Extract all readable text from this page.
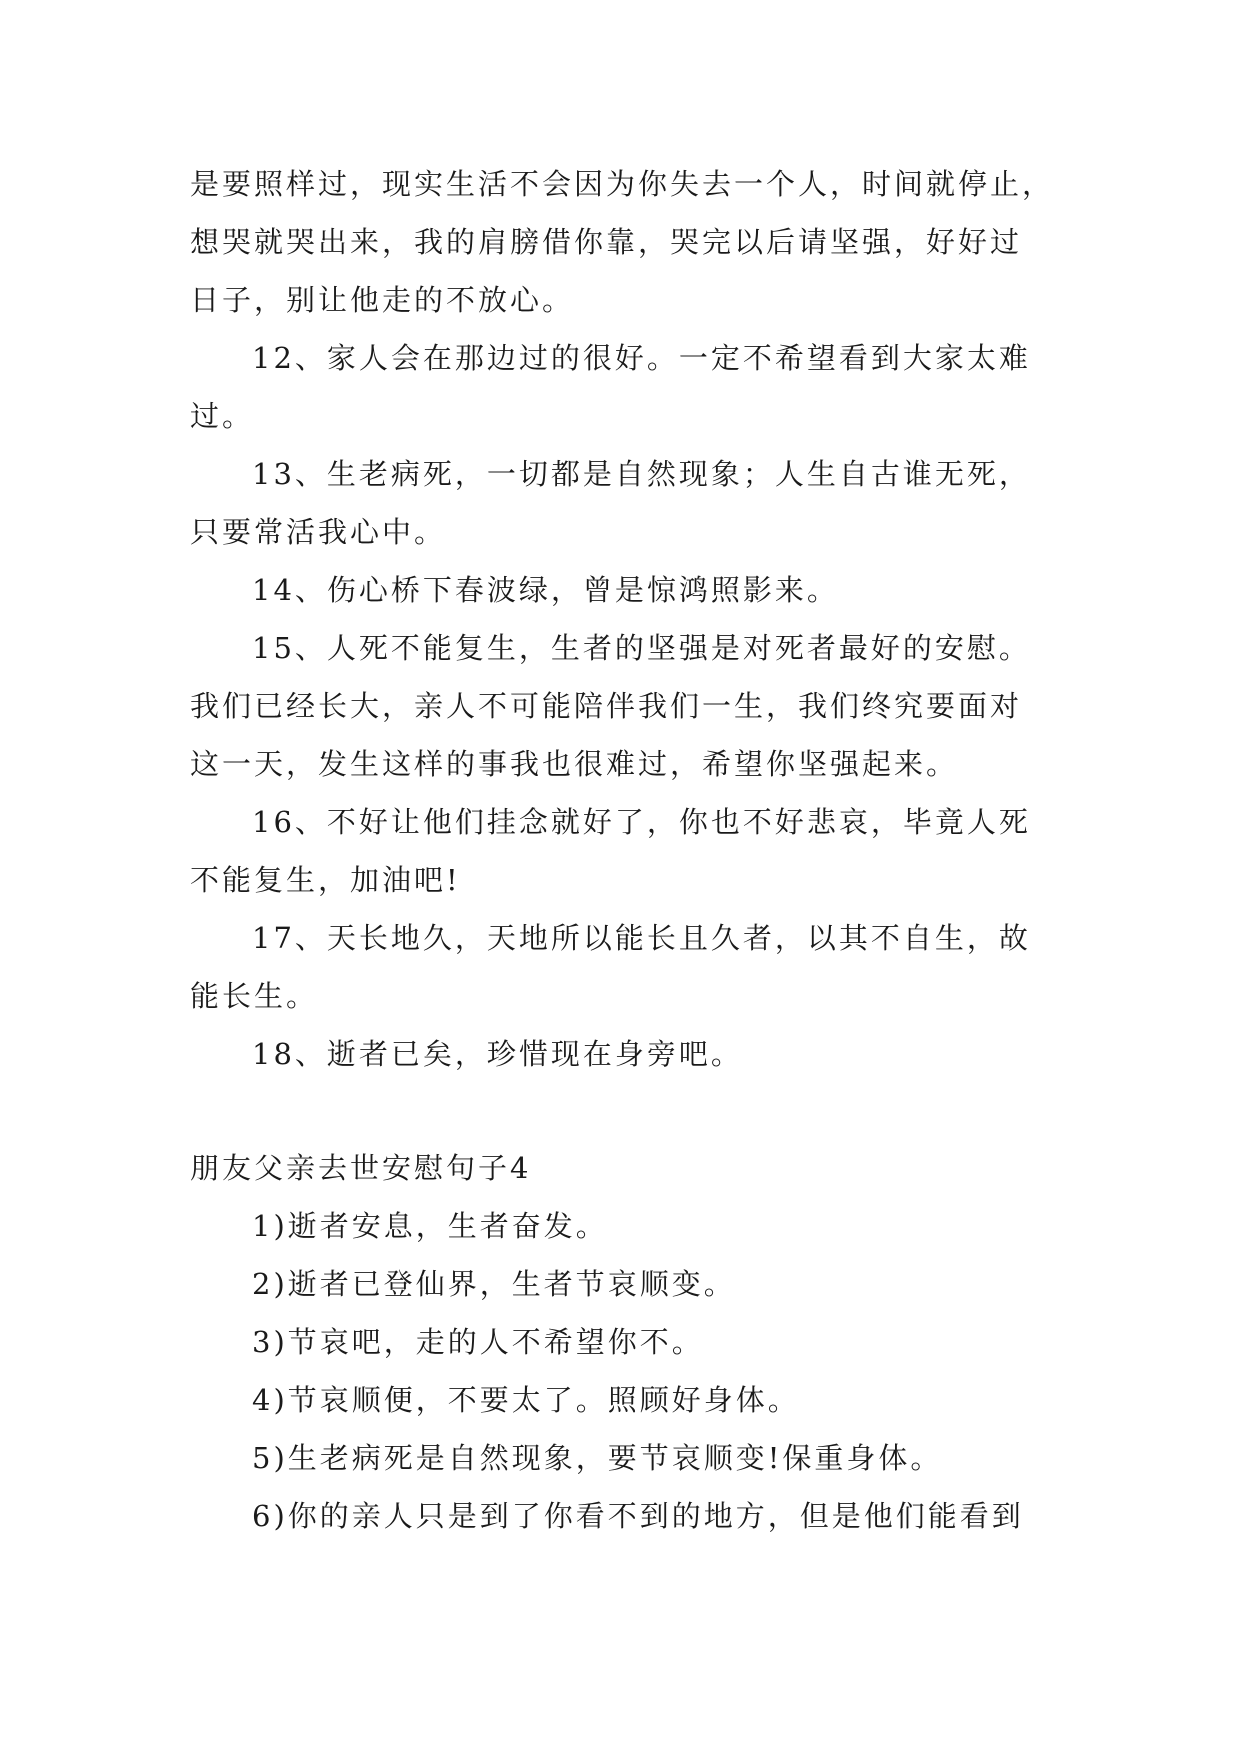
是要照样过，现实生活不会因为你失去一个人，时间就停止，
想哭就哭出来，我的肩膀借你靠，哭完以后请坚强，好好过
日子，别让他走的不放心。
12、家人会在那边过的很好。一定不希望看到大家太难
过。
13、生老病死，一切都是自然现象；人生自古谁无死，
只要常活我心中。
14、伤心桥下春波绿，曾是惊鸿照影来。
15、人死不能复生，生者的坚强是对死者最好的安慰。
我们已经长大，亲人不可能陪伴我们一生，我们终究要面对
这一天，发生这样的事我也很难过，希望你坚强起来。
16、不好让他们挂念就好了，你也不好悲哀，毕竟人死
不能复生，加油吧!
17、天长地久，天地所以能长且久者，以其不自生，故
能长生。
18、逝者已矣，珍惜现在身旁吧。
朋友父亲去世安慰句子4
1)逝者安息，生者奋发。
2)逝者已登仙界，生者节哀顺变。
3)节哀吧，走的人不希望你不。
4)节哀顺便，不要太了。照顾好身体。
5)生老病死是自然现象，要节哀顺变!保重身体。
6)你的亲人只是到了你看不到的地方，但是他们能看到
